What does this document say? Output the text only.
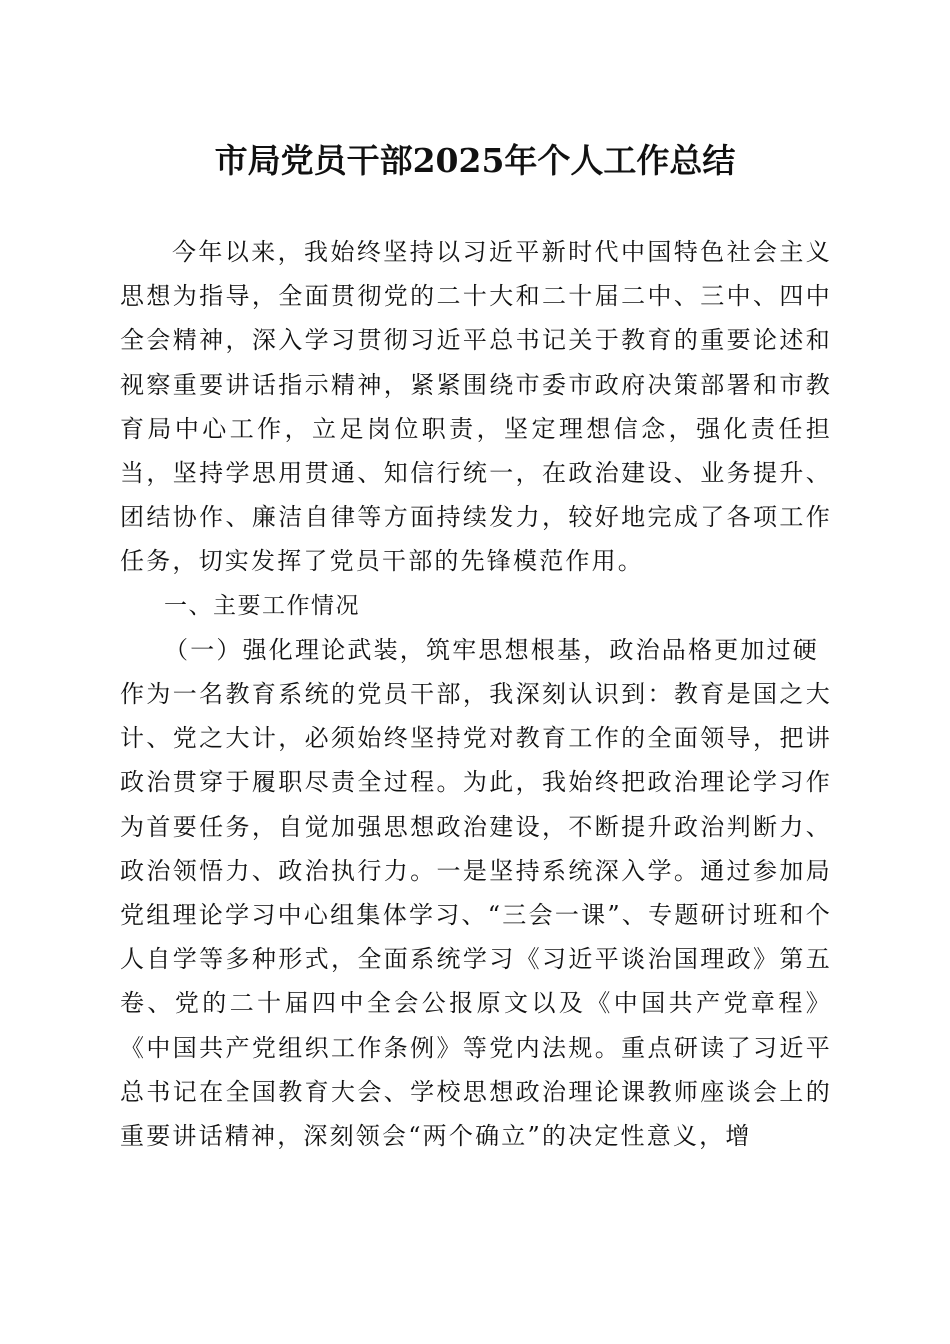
市局党员干部2025年个人工作总结

今年以来，我始终坚持以习近平新时代中国特色社会主义思想为指导，全面贯彻党的二十大和二十届二中、三中、四中全会精神，深入学习贯彻习近平总书记关于教育的重要论述和视察重要讲话指示精神，紧紧围绕市委市政府决策部署和市教育局中心工作，立足岗位职责，坚定理想信念，强化责任担当，坚持学思用贯通、知信行统一，在政治建设、业务提升、团结协作、廉洁自律等方面持续发力，较好地完成了各项工作任务，切实发挥了党员干部的先锋模范作用。

一、主要工作情况

（一）强化理论武装，筑牢思想根基，政治品格更加过硬

作为一名教育系统的党员干部，我深刻认识到：教育是国之大计、党之大计，必须始终坚持党对教育工作的全面领导，把讲政治贯穿于履职尽责全过程。为此，我始终把政治理论学习作为首要任务，自觉加强思想政治建设，不断提升政治判断力、政治领悟力、政治执行力。一是坚持系统深入学。通过参加局党组理论学习中心组集体学习、“三会一课”、专题研讨班和个人自学等多种形式，全面系统学习《习近平谈治国理政》第五卷、党的二十届四中全会公报原文以及《中国共产党章程》《中国共产党组织工作条例》等党内法规。重点研读了习近平总书记在全国教育大会、学校思想政治理论课教师座谈会上的重要讲话精神，深刻领会“两个确立”的决定性意义，增
